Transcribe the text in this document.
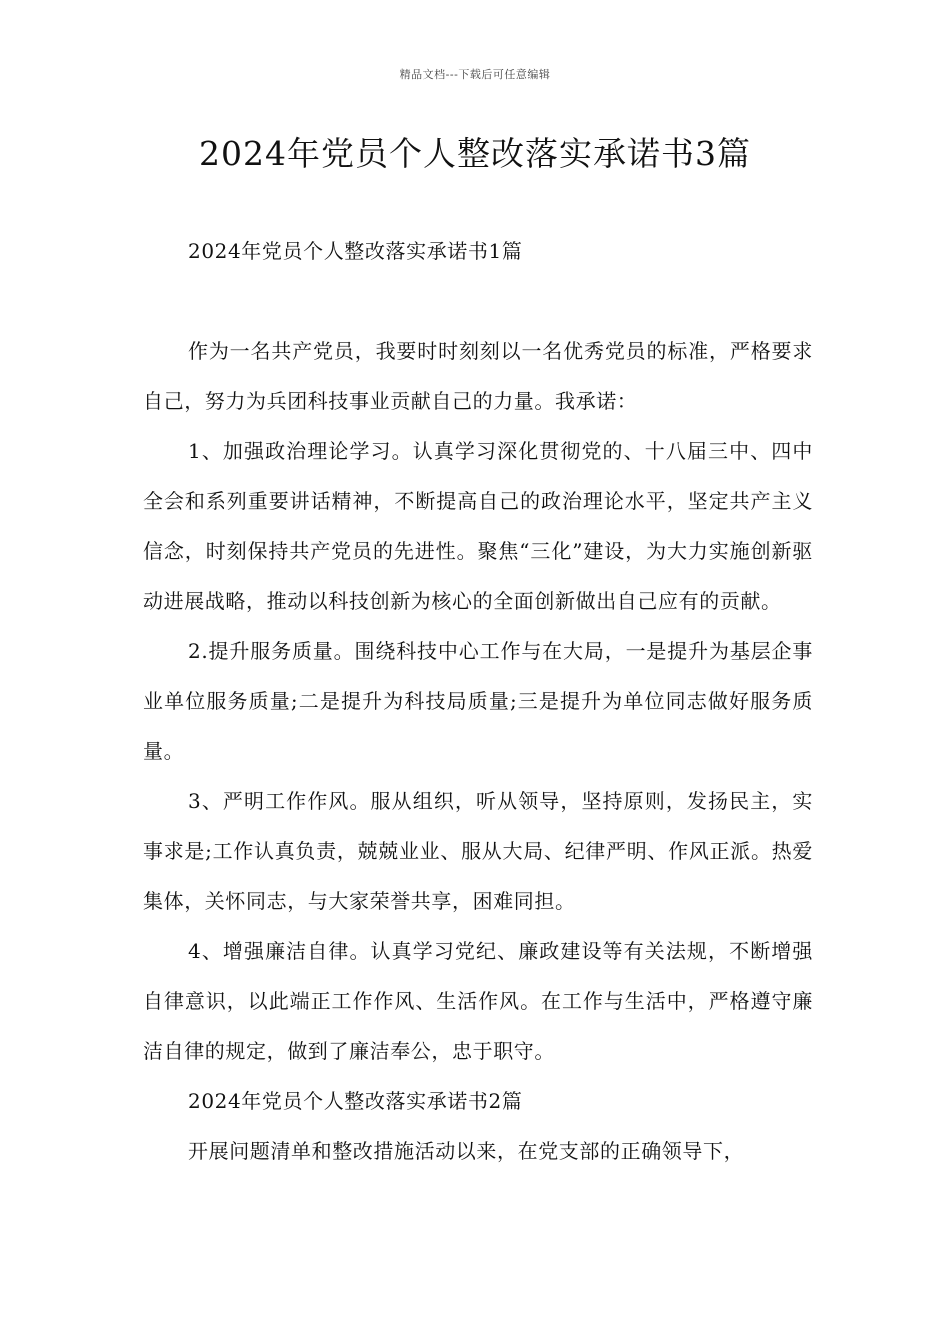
精品文档---下载后可任意编辑
2024年党员个人整改落实承诺书3篇

2024年党员个人整改落实承诺书1篇

作为一名共产党员，我要时时刻刻以一名优秀党员的标准，严格要求自己，努力为兵团科技事业贡献自己的力量。我承诺：

1、加强政治理论学习。认真学习深化贯彻党的、十八届三中、四中全会和系列重要讲话精神，不断提高自己的政治理论水平，坚定共产主义信念，时刻保持共产党员的先进性。聚焦“三化”建设，为大力实施创新驱动进展战略，推动以科技创新为核心的全面创新做出自己应有的贡献。

2.提升服务质量。围绕科技中心工作与在大局，一是提升为基层企事业单位服务质量;二是提升为科技局质量;三是提升为单位同志做好服务质量。

3、严明工作作风。服从组织，听从领导，坚持原则，发扬民主，实事求是;工作认真负责，兢兢业业、服从大局、纪律严明、作风正派。热爱集体，关怀同志，与大家荣誉共享，困难同担。

4、增强廉洁自律。认真学习党纪、廉政建设等有关法规，不断增强自律意识，以此端正工作作风、生活作风。在工作与生活中，严格遵守廉洁自律的规定，做到了廉洁奉公，忠于职守。

2024年党员个人整改落实承诺书2篇

开展问题清单和整改措施活动以来，在党支部的正确领导下，
